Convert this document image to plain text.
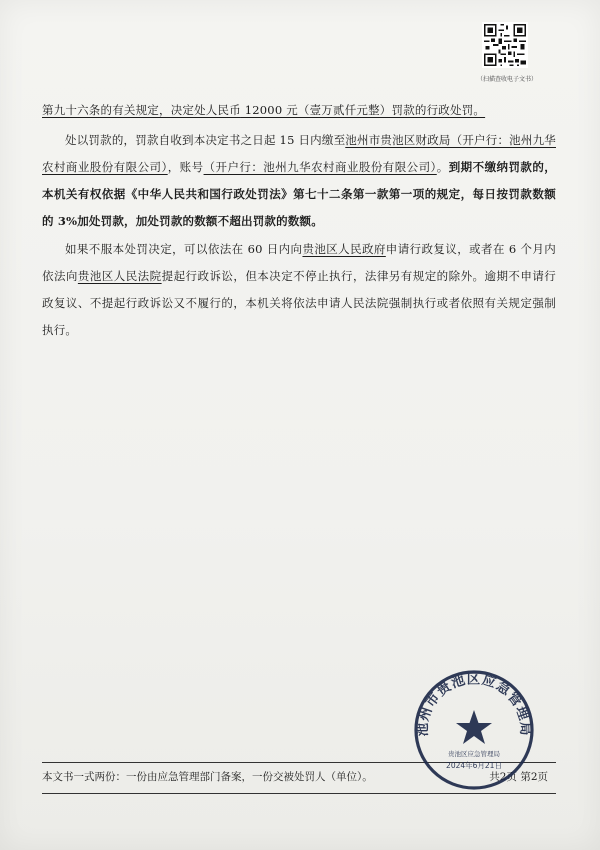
（扫描查收电子文书）
第九十六条的有关规定，决定处人民币 12000 元（壹万贰仟元整）罚款的行政处罚。
处以罚款的，罚款自收到本决定书之日起 15 日内缴至池州市贵池区财政局（开户行：池州九华农村商业股份有限公司），账号（开户行：池州九华农村商业股份有限公司）。到期不缴纳罚款的，本机关有权依据《中华人民共和国行政处罚法》第七十二条第一款第一项的规定，每日按罚款数额的 3%加处罚款，加处罚款的数额不超出罚款的数额。
如果不服本处罚决定，可以依法在 60 日内向贵池区人民政府申请行政复议，或者在 6 个月内依法向贵池区人民法院提起行政诉讼，但本决定不停止执行，法律另有规定的除外。逾期不申请行政复议、不提起行政诉讼又不履行的，本机关将依法申请人民法院强制执行或者依照有关规定强制执行。
本文书一式两份：一份由应急管理部门备案，一份交被处罚人（单位）。	共2页 第2页
池州市贵池区应急管理局
贵池区应急管理局
2024年6月21日
